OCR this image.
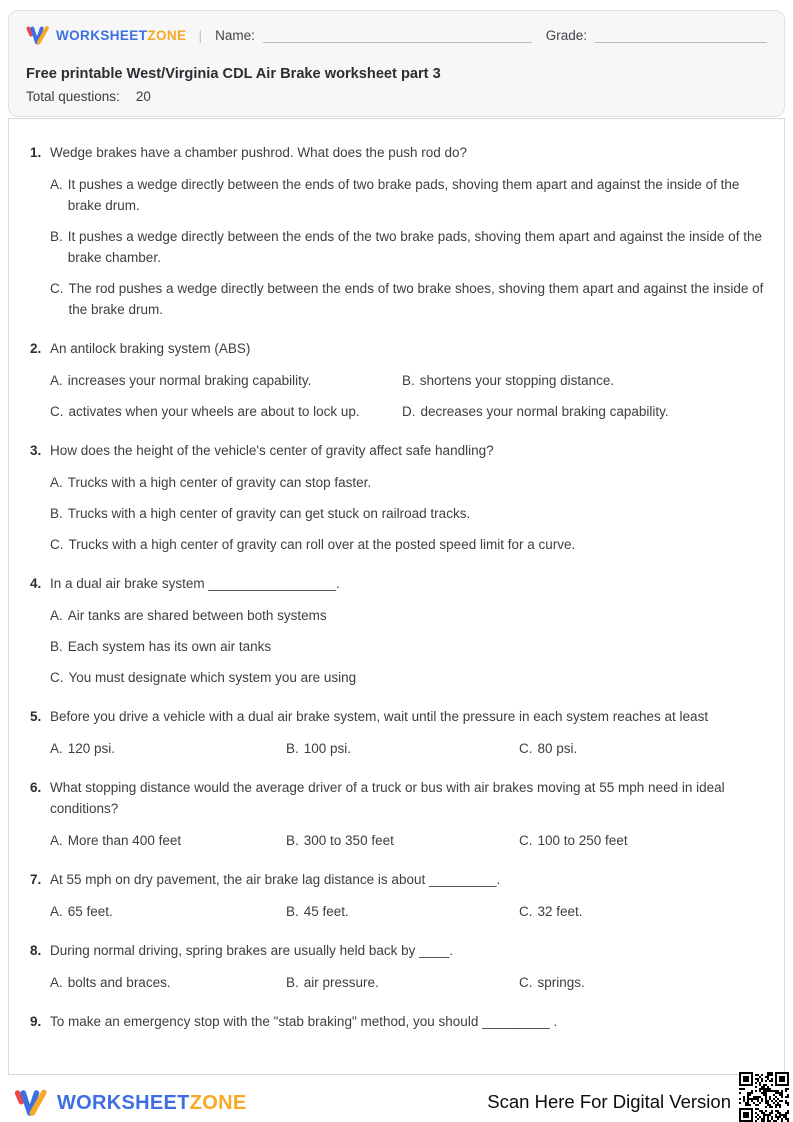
WORKSHEETZONE | Name:	Grade:
Free printable West/Virginia CDL Air Brake worksheet part 3
Total questions: 20
1. Wedge brakes have a chamber pushrod. What does the push rod do?
A. It pushes a wedge directly between the ends of two brake pads, shoving them apart and against the inside of the brake drum.
B. It pushes a wedge directly between the ends of the two brake pads, shoving them apart and against the inside of the brake chamber.
C. The rod pushes a wedge directly between the ends of two brake shoes, shoving them apart and against the inside of the brake drum.
2. An antilock braking system (ABS)
A. increases your normal braking capability.	B. shortens your stopping distance.
C. activates when your wheels are about to lock up.	D. decreases your normal braking capability.
3. How does the height of the vehicle's center of gravity affect safe handling?
A. Trucks with a high center of gravity can stop faster.
B. Trucks with a high center of gravity can get stuck on railroad tracks.
C. Trucks with a high center of gravity can roll over at the posted speed limit for a curve.
4. In a dual air brake system _________________.
A. Air tanks are shared between both systems
B. Each system has its own air tanks
C. You must designate which system you are using
5. Before you drive a vehicle with a dual air brake system, wait until the pressure in each system reaches at least
A. 120 psi.	B. 100 psi.	C. 80 psi.
6. What stopping distance would the average driver of a truck or bus with air brakes moving at 55 mph need in ideal conditions?
A. More than 400 feet	B. 300 to 350 feet	C. 100 to 250 feet
7. At 55 mph on dry pavement, the air brake lag distance is about _________.
A. 65 feet.	B. 45 feet.	C. 32 feet.
8. During normal driving, spring brakes are usually held back by ____.
A. bolts and braces.	B. air pressure.	C. springs.
9. To make an emergency stop with the "stab braking" method, you should _________ .
WORKSHEETZONE	Scan Here For Digital Version
